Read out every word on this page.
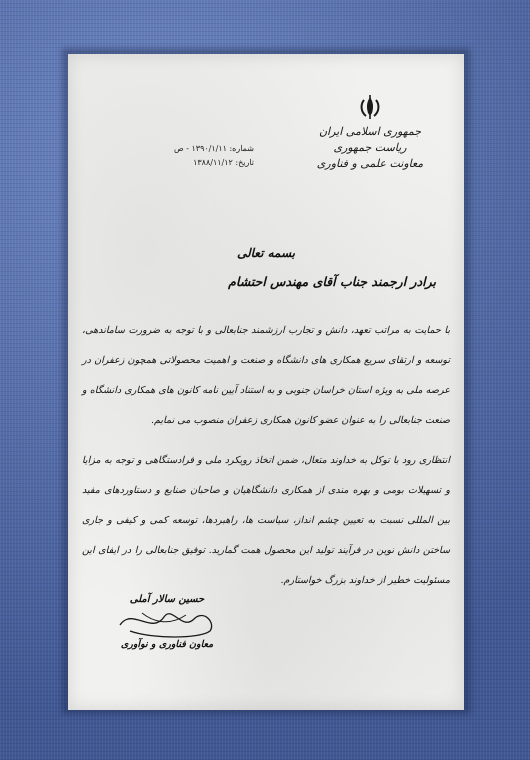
جمهوری اسلامی ایران
ریاست جمهوری
معاونت علمی و فناوری
شماره: ۱۳۹۰/۱/۱۱ - ص
تاریخ: ۱۳۸۸/۱۱/۱۲
بسمه تعالی
برادر ارجمند جناب آقای مهندس احتشام

با حمایت به مراتب تعهد، دانش و تجارب ارزشمند جنابعالی و با توجه به ضرورت ساماندهی، توسعه و ارتقای سریع همکاری های دانشگاه و صنعت و اهمیت محصولاتی همچون زعفران در عرصه ملی به ویژه استان خراسان جنوبی و به استناد آیین نامه کانون های همکاری دانشگاه و صنعت جنابعالی را به عنوان عضو کانون همکاری زعفران منصوب می نمایم.

انتظاری رود با توکل به خداوند متعال، ضمن اتخاذ رویکرد ملی و فرادستگاهی و توجه به مزایا و تسهیلات بومی و بهره مندی از همکاری دانشگاهیان و صاحبان صنایع و دستاوردهای مفید بین المللی نسبت به تعیین چشم انداز، سیاست ها، راهبردها، توسعه کمی و کیفی و جاری ساختن دانش نوین در فرآیند تولید این محصول همت گمارید. توفیق جنابعالی را در ایفای این مسئولیت خطیر از خداوند بزرگ خواستارم.

حسین سالار آملی
معاون فناوری و نوآوری
